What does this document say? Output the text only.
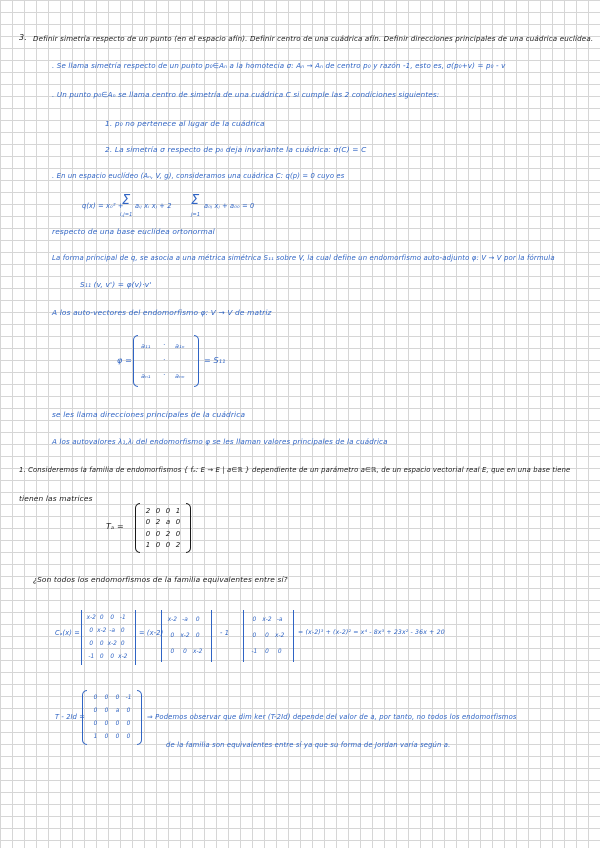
3. Definir simetría respecto de un punto (en el espacio afín). Definir centro de una cuádrica afín. Definir direcciones principales de una cuádrica euclídea.
. Se llama simetría respecto de un punto p₀∈Aₙ a la homotecia σ: Aₙ → Aₙ de centro p₀ y razón -1, esto es, σ(p₀+v) = p₀ - v
. Un punto p₀∈Aₙ se llama centro de simetría de una cuádrica C si cumple las 2 condiciones siguientes:
1. p₀ no pertenece al lugar de la cuádrica
2. La simetría σ respecto de p₀ deja invariante la cuádrica: σ(C) = C
. En un espacio euclídeo (Aₙ, V, g), consideramos una cuádrica C: q(p) = 0 cuyo es
q(x) = x₀² +
Σ
i,j=1
aᵢⱼ xᵢ xⱼ + 2 Σ
j=1
a₀ⱼ xⱼ + a₀₀ = 0
respecto de una base euclídea ortonormal
La forma principal de q, se asocia a una métrica simétrica S₁₁ sobre V, la cual define un endomorfismo auto-adjunto φ: V → V por la fórmula
S₁₁ (v, v') = φ(v)·v'
A los auto-vectores del endomorfismo φ: V → V de matriz
φ =
a₁₁ · a₁ₙ
·
aₙ₁ · aₙₙ
= S₁₁
se les llama direcciones principales de la cuádrica
A los autovalores λ₁,λᵢ del endomorfismo φ se les llaman valores principales de la cuádrica
1. Consideremos la familia de endomorfismos { fₐ: E → E | a∈ℝ } dependiente de un parámetro a∈ℝ, de un espacio vectorial real E, que en una base tiene
tienen las matrices
Tₐ =
2 0 0 1
0 2 a 0
0 0 2 0
1 0 0 2
¿Son todos los endomorfismos de la familia equivalentes entre sí?
Cₐ(x) =
x-2 0 0 -1
0 x-2 -a 0
0 0 x-2 0
-1 0 0 x-2
= (x-2)
x-2 -a 0
0 x-2 0
0 0 x-2
- 1
0 x-2 -a
0 0 x-2
-1 0 0
= (x-2)³ + (x-2)² = x⁴ - 8x³ + 23x² - 36x + 20
T - 2Id =
0 0 0 -1
0 0 a 0
0 0 0 0
1 0 0 0
⇒ Podemos observar que dim ker (T-2Id) depende del valor de a, por tanto, no todos los endomorfismos
de la familia son equivalentes entre sí ya que su forma de Jordan varía según a.
